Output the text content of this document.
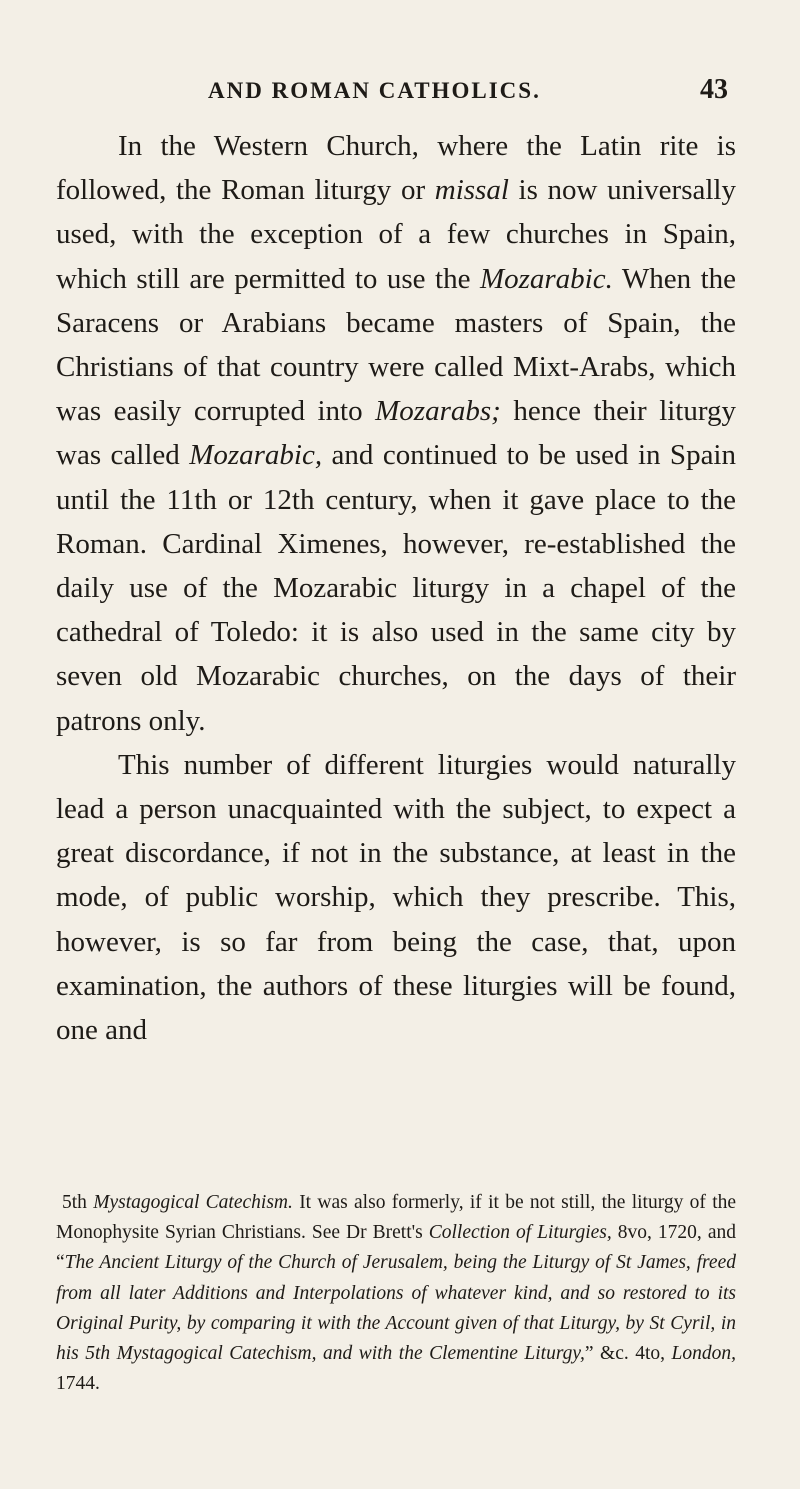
AND ROMAN CATHOLICS.	43

In the Western Church, where the Latin rite is followed, the Roman liturgy or missal is now universally used, with the exception of a few churches in Spain, which still are permitted to use the Mozarabic. When the Saracens or Arabians became masters of Spain, the Christians of that country were called Mixt-Arabs, which was easily corrupted into Mozarabs; hence their liturgy was called Mozarabic, and continued to be used in Spain until the 11th or 12th century, when it gave place to the Roman. Cardinal Ximenes, however, re-established the daily use of the Mozarabic liturgy in a chapel of the cathedral of Toledo: it is also used in the same city by seven old Mozarabic churches, on the days of their patrons only.

This number of different liturgies would naturally lead a person unacquainted with the subject, to expect a great discordance, if not in the substance, at least in the mode, of public worship, which they prescribe. This, however, is so far from being the case, that, upon examination, the authors of these liturgies will be found, one and

5th Mystagogical Catechism. It was also formerly, if it be not still, the liturgy of the Monophysite Syrian Christians. See Dr Brett's Collection of Liturgies, 8vo, 1720, and “The Ancient Liturgy of the Church of Jerusalem, being the Liturgy of St James, freed from all later Additions and Interpolations of whatever kind, and so restored to its Original Purity, by comparing it with the Account given of that Liturgy, by St Cyril, in his 5th Mystagogical Catechism, and with the Clementine Liturgy,” &c. 4to, London, 1744.
